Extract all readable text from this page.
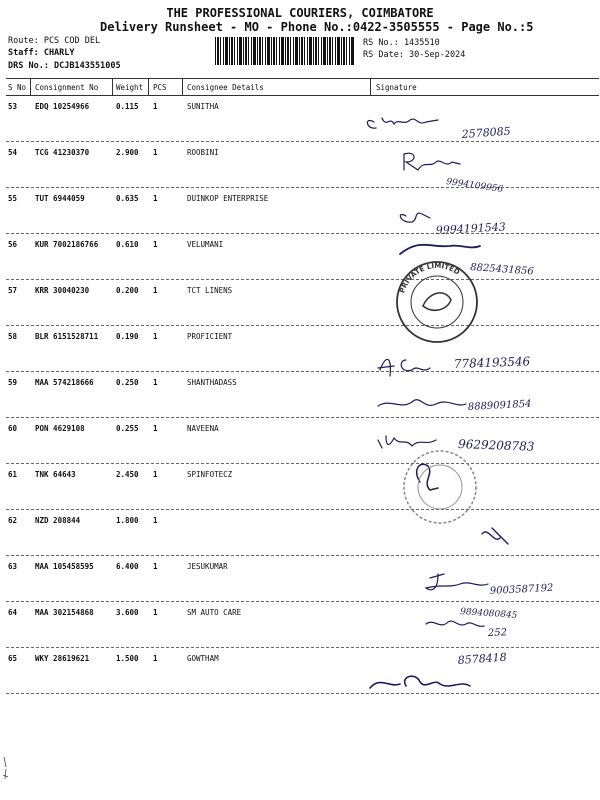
THE PROFESSIONAL COURIERS, COIMBATORE
Delivery Runsheet - MO - Phone No.:0422-3505555 - Page No.:5
Route: PCS COD DEL
Staff: CHARLY
DRS No.: DCJB143551005
RS No.: 1435510
RS Date: 30-Sep-2024
S No Consignment No Weight PCS	Consignee Details	Signature
53 EDQ 10254966	0.115 1	SUNITHA
54 TCG 41230370	2.900 1	ROOBINI
55 TUT 6944059	0.635 1	DUINKOP ENTERPRISE
56 KUR 7002186766 0.610 1	VELUMANI
57 KRR 30040230	0.200 1	TCT LINENS
58 BLR 6151528711 0.190 1	PROFICIENT
59 MAA 574218666	0.250 1	SHANTHADASS
60 PON 4629108	0.255 1	NAVEENA
61 TNK 64643	2.450 1	SPINFOTECZ
62 NZD 208844	1.800 1
63 MAA 105458595	6.400 1	JESUKUMAR
64 MAA 302154868	3.600 1	SM AUTO CARE
65 WKY 28619621	1.500 1	GOWTHAM
2578085
9994109956
9994191543
8825431856
7784193546
8889091854
9629208783
9003587192
9894080845
252
8578418
PRIVATE LIMITED
